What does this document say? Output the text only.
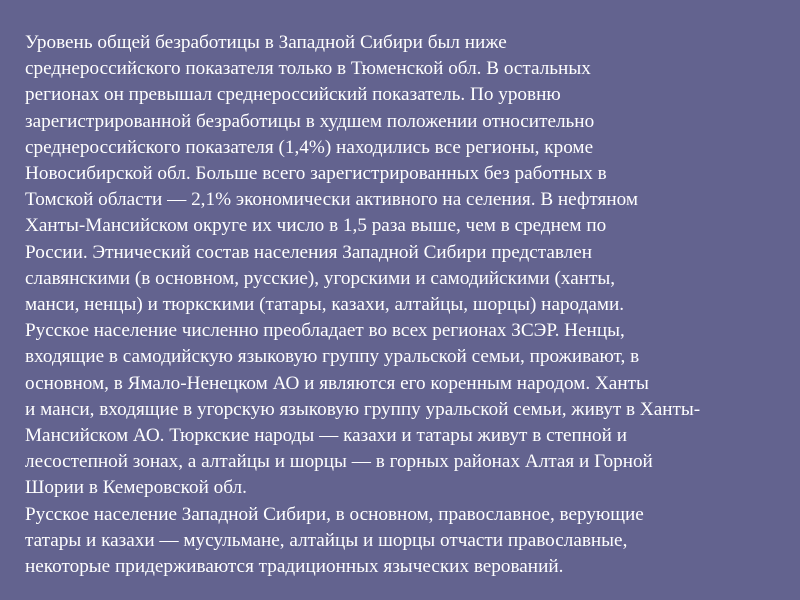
Уровень общей безработицы в Западной Сибири был ниже
среднероссийского показателя только в Тюменской обл. В остальных
регионах он превышал среднероссийский показатель. По уровню
зарегистрированной безработицы в худшем положении относительно
среднероссийского показателя (1,4%) находились все регионы, кроме
Новосибирской обл. Больше всего зарегистрированных без работных в
Томской области — 2,1% экономически активного на селения. В нефтяном
Ханты-Мансийском округе их число в 1,5 раза выше, чем в среднем по
России. Этнический состав населения Западной Сибири представлен
славянскими (в основном, русские), угорскими и самодийскими (ханты,
манси, ненцы) и тюркскими (татары, казахи, алтайцы, шорцы) народами.
Русское население численно преобладает во всех регионах ЗСЭР. Ненцы,
входящие в самодийскую языковую группу уральской семьи, проживают, в
основном, в Ямало-Ненецком АО и являются его коренным народом. Ханты
и манси, входящие в угорскую языковую группу уральской семьи, живут в Ханты-
Мансийском АО. Тюркские народы — казахи и татары живут в степной и
лесостепной зонах, а алтайцы и шорцы — в горных районах Алтая и Горной
Шории в Кемеровской обл.
Русское население Западной Сибири, в основном, православное, верующие
татары и казахи — мусульмане, алтайцы и шорцы отчасти православные,
некоторые придерживаются традиционных языческих верований.
